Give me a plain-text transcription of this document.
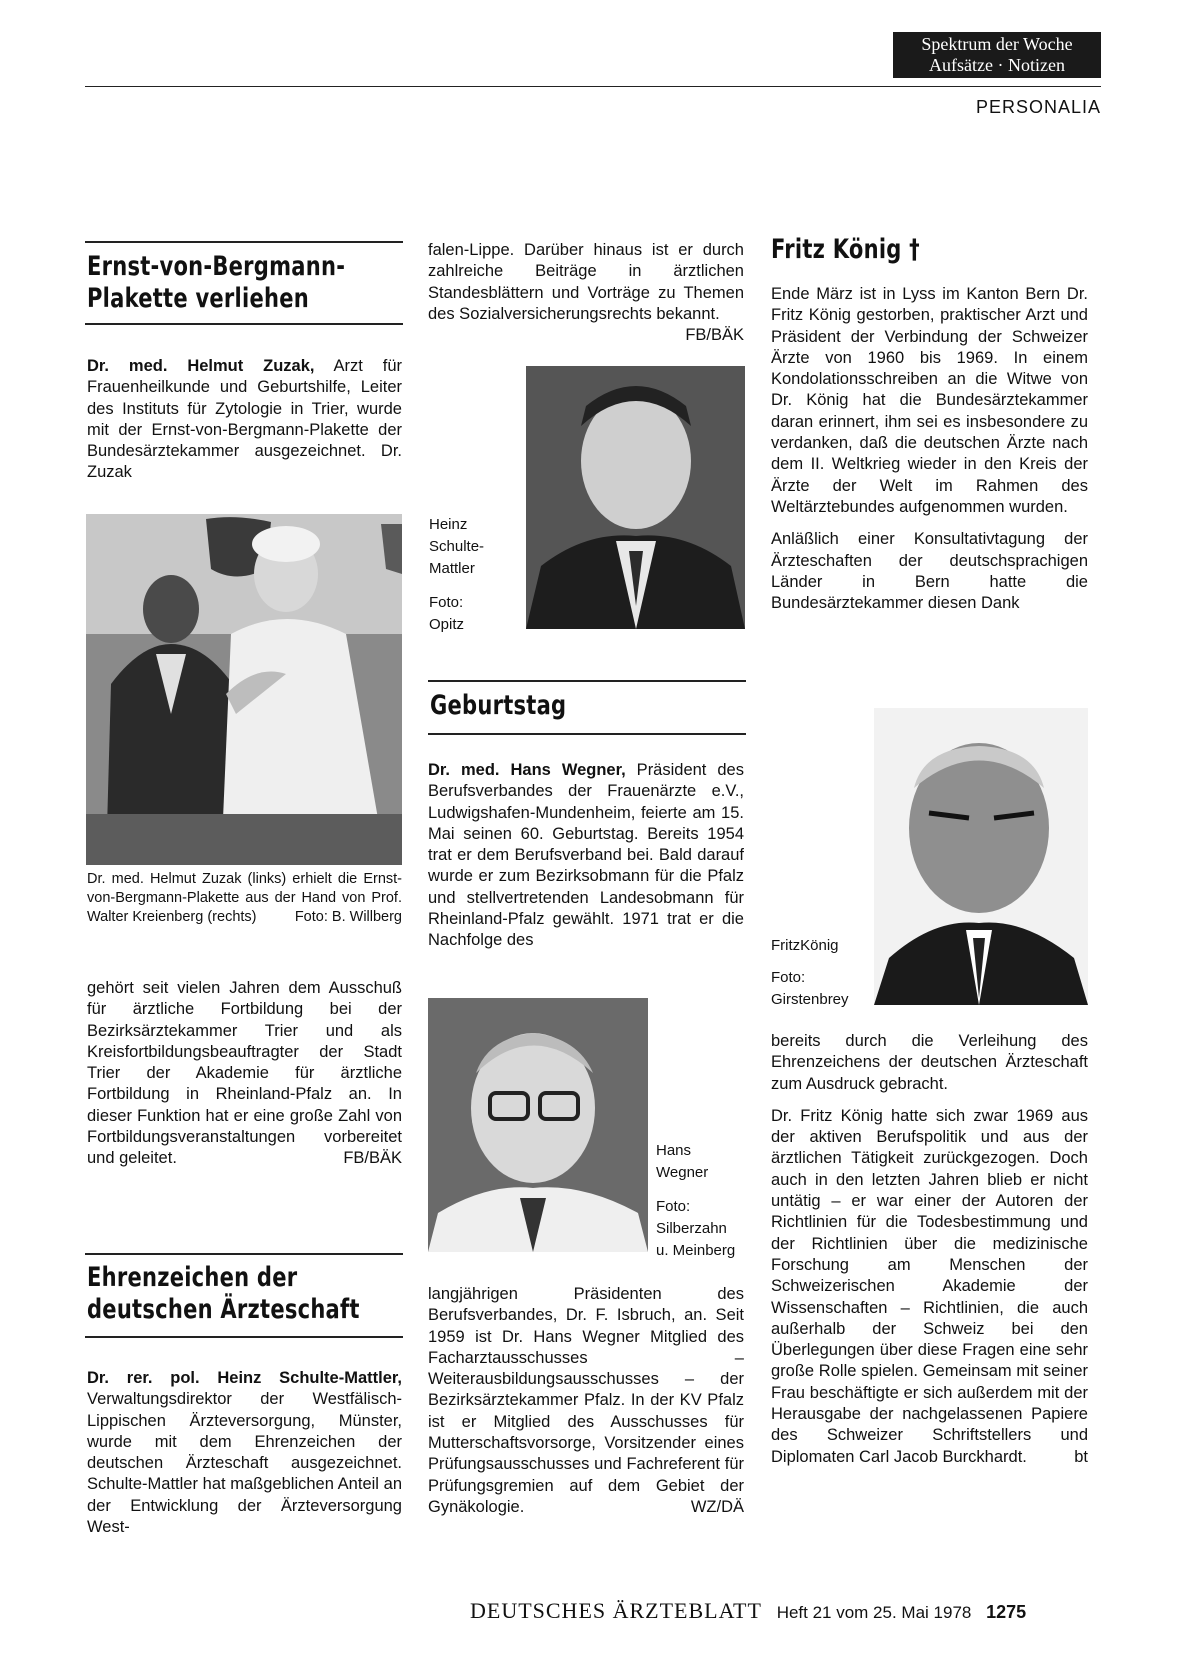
Spektrum der Woche
Aufsätze · Notizen
PERSONALIA
Ernst-von-Bergmann-
Plakette verliehen

Dr. med. Helmut Zuzak, Arzt für Frauenheilkunde und Geburtshilfe, Leiter des Instituts für Zytologie in Trier, wurde mit der Ernst-von-Bergmann-Plakette der Bundesärztekammer ausgezeichnet. Dr. Zuzak

Dr. med. Helmut Zuzak (links) erhielt die Ernst-von-Bergmann-Plakette aus der Hand von Prof. Walter Kreienberg (rechts)	Foto: B. Willberg

gehört seit vielen Jahren dem Ausschuß für ärztliche Fortbildung bei der Bezirksärztekammer Trier und als Kreisfortbildungsbeauftragter der Stadt Trier der Akademie für ärztliche Fortbildung in Rheinland-Pfalz an. In dieser Funktion hat er eine große Zahl von Fortbildungsveranstaltungen vorbereitet und geleitet.	FB/BÄK

Ehrenzeichen der
deutschen Ärzteschaft

Dr. rer. pol. Heinz Schulte-Mattler, Verwaltungsdirektor der Westfälisch-Lippischen Ärzteversorgung, Münster, wurde mit dem Ehrenzeichen der deutschen Ärzteschaft ausgezeichnet. Schulte-Mattler hat maßgeblichen Anteil an der Entwicklung der Ärzteversorgung West-

falen-Lippe. Darüber hinaus ist er durch zahlreiche Beiträge in ärztlichen Standesblättern und Vorträge zu Themen des Sozialversicherungsrechts bekannt.
FB/BÄK

Heinz
Schulte-
Mattler
Foto:
Opitz
Geburtstag

Dr. med. Hans Wegner, Präsident des Berufsverbandes der Frauenärzte e.V., Ludwigshafen-Mundenheim, feierte am 15. Mai seinen 60. Geburtstag. Bereits 1954 trat er dem Berufsverband bei. Bald darauf wurde er zum Bezirksobmann für die Pfalz und stellvertretenden Landesobmann für Rheinland-Pfalz gewählt. 1971 trat er die Nachfolge des

Hans
Wegner
Foto:
Silberzahn
u. Meinberg

langjährigen Präsidenten des Berufsverbandes, Dr. F. Isbruch, an. Seit 1959 ist Dr. Hans Wegner Mitglied des Facharztausschusses – Weiterausbildungsausschusses – der Bezirksärztekammer Pfalz. In der KV Pfalz ist er Mitglied des Ausschusses für Mutterschaftsvorsorge, Vorsitzender eines Prüfungsausschusses und Fachreferent für Prüfungsgremien auf dem Gebiet der Gynäkologie.	WZ/DÄ

Fritz König †

Ende März ist in Lyss im Kanton Bern Dr. Fritz König gestorben, praktischer Arzt und Präsident der Verbindung der Schweizer Ärzte von 1960 bis 1969. In einem Kondolationsschreiben an die Witwe von Dr. König hat die Bundesärztekammer daran erinnert, ihm sei es insbesondere zu verdanken, daß die deutschen Ärzte nach dem II. Weltkrieg wieder in den Kreis der Ärzte der Welt im Rahmen des Weltärztebundes aufgenommen wurden.

Anläßlich einer Konsultativtagung der Ärzteschaften der deutschsprachigen Länder in Bern hatte die Bundesärztekammer diesen Dank

FritzKönig
Foto:
Girstenbrey

bereits durch die Verleihung des Ehrenzeichens der deutschen Ärzteschaft zum Ausdruck gebracht.

Dr. Fritz König hatte sich zwar 1969 aus der aktiven Berufspolitik und aus der ärztlichen Tätigkeit zurückgezogen. Doch auch in den letzten Jahren blieb er nicht untätig – er war einer der Autoren der Richtlinien für die Todesbestimmung und der Richtlinien über die medizinische Forschung am Menschen der Schweizerischen Akademie der Wissenschaften – Richtlinien, die auch außerhalb der Schweiz bei den Überlegungen über diese Fragen eine sehr große Rolle spielen. Gemeinsam mit seiner Frau beschäftigte er sich außerdem mit der Herausgabe der nachgelassenen Papiere des Schweizer Schriftstellers und Diplomaten Carl Jacob Burckhardt.	bt

DEUTSCHES ÄRZTEBLATT Heft 21 vom 25. Mai 1978 1275
